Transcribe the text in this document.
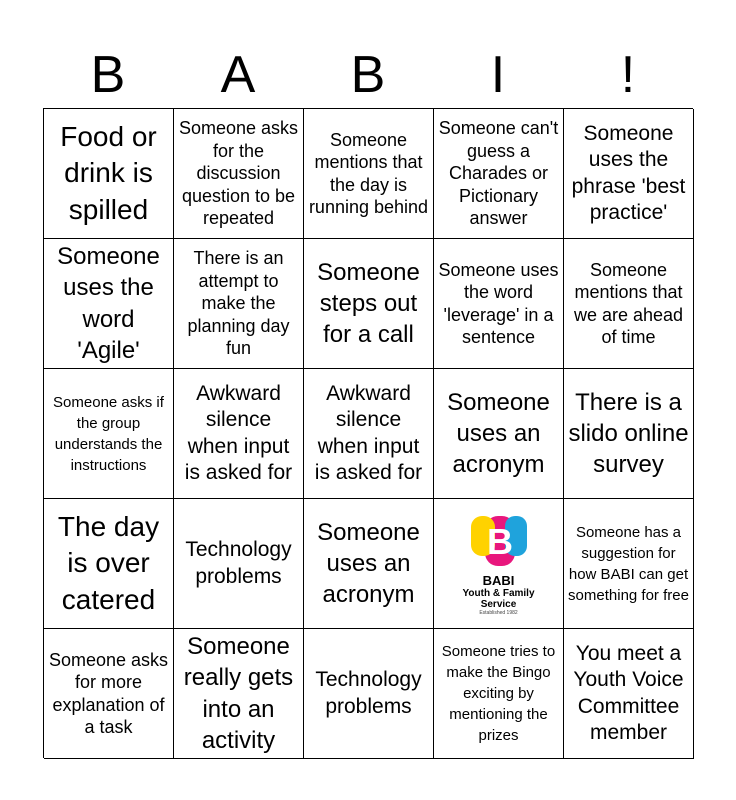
B	A	B	I	!
Food or drink is spilled
Someone asks for the discussion question to be repeated
Someone mentions that the day is running behind
Someone can't guess a Charades or Pictionary answer
Someone uses the phrase 'best practice'
Someone uses the word 'Agile'
There is an attempt to make the planning day fun
Someone steps out for a call
Someone uses the word 'leverage' in a sentence
Someone mentions that we are ahead of time
Someone asks if the group understands the instructions
Awkward silence when input is asked for
Awkward silence when input is asked for
Someone uses an acronym
There is a slido online survey
The day is over catered
Technology problems
Someone uses an acronym
B
BABI
Youth & Family
Service
Established 1982
Someone has a suggestion for how BABI can get something for free
Someone asks for more explanation of a task
Someone really gets into an activity
Technology problems
Someone tries to make the Bingo exciting by mentioning the prizes
You meet a Youth Voice Committee member
